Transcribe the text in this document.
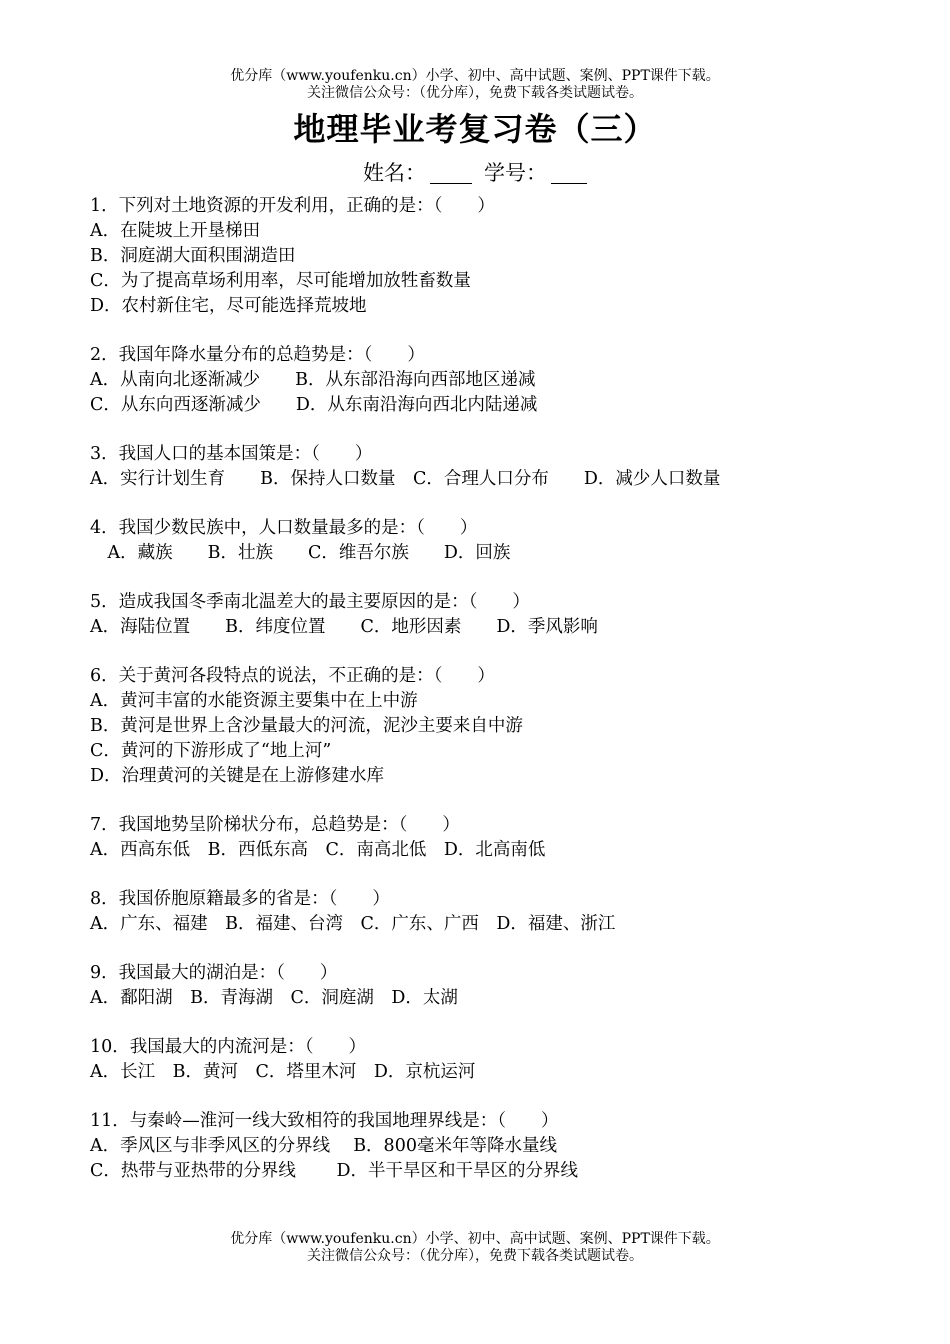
优分库（www.youfenku.cn）小学、初中、高中试题、案例、PPT课件下载。
关注微信公众号：（优分库），免费下载各类试题试卷。
地理毕业考复习卷（三）
姓名：	学号：
1．下列对土地资源的开发利用，正确的是：（　　）
A．在陡坡上开垦梯田
B．洞庭湖大面积围湖造田
C．为了提高草场利用率，尽可能增加放牲畜数量
D．农村新住宅，尽可能选择荒坡地
2．我国年降水量分布的总趋势是：（　　）
A．从南向北逐渐减少　　B．从东部沿海向西部地区递减
C．从东向西逐渐减少　　D．从东南沿海向西北内陆递减
3．我国人口的基本国策是：（　　）
A．实行计划生育　　B．保持人口数量　C．合理人口分布　　D．减少人口数量
4．我国少数民族中，人口数量最多的是：（　　）
　A．藏族　　B．壮族　　C．维吾尔族　　D．回族
5．造成我国冬季南北温差大的最主要原因的是：（　　）
A．海陆位置　　B．纬度位置　　C．地形因素　　D．季风影响
6．关于黄河各段特点的说法，不正确的是：（　　）
A．黄河丰富的水能资源主要集中在上中游
B．黄河是世界上含沙量最大的河流，泥沙主要来自中游
C．黄河的下游形成了“地上河”
D．治理黄河的关键是在上游修建水库
7．我国地势呈阶梯状分布，总趋势是：（　　）
A．西高东低　B．西低东高　C．南高北低　D．北高南低
8．我国侨胞原籍最多的省是：（　　）
A．广东、福建　B．福建、台湾　C．广东、广西　D．福建、浙江
9．我国最大的湖泊是：（　　）
A．鄱阳湖　B．青海湖　C．洞庭湖　D．太湖
10．我国最大的内流河是：（　　）
A．长江　B．黄河　C．塔里木河　D．京杭运河
11．与秦岭—淮河一线大致相符的我国地理界线是：（　　）
A．季风区与非季风区的分界线　 B．800毫米年等降水量线
C．热带与亚热带的分界线　　 D．半干旱区和干旱区的分界线
优分库（www.youfenku.cn）小学、初中、高中试题、案例、PPT课件下载。
关注微信公众号：（优分库），免费下载各类试题试卷。
